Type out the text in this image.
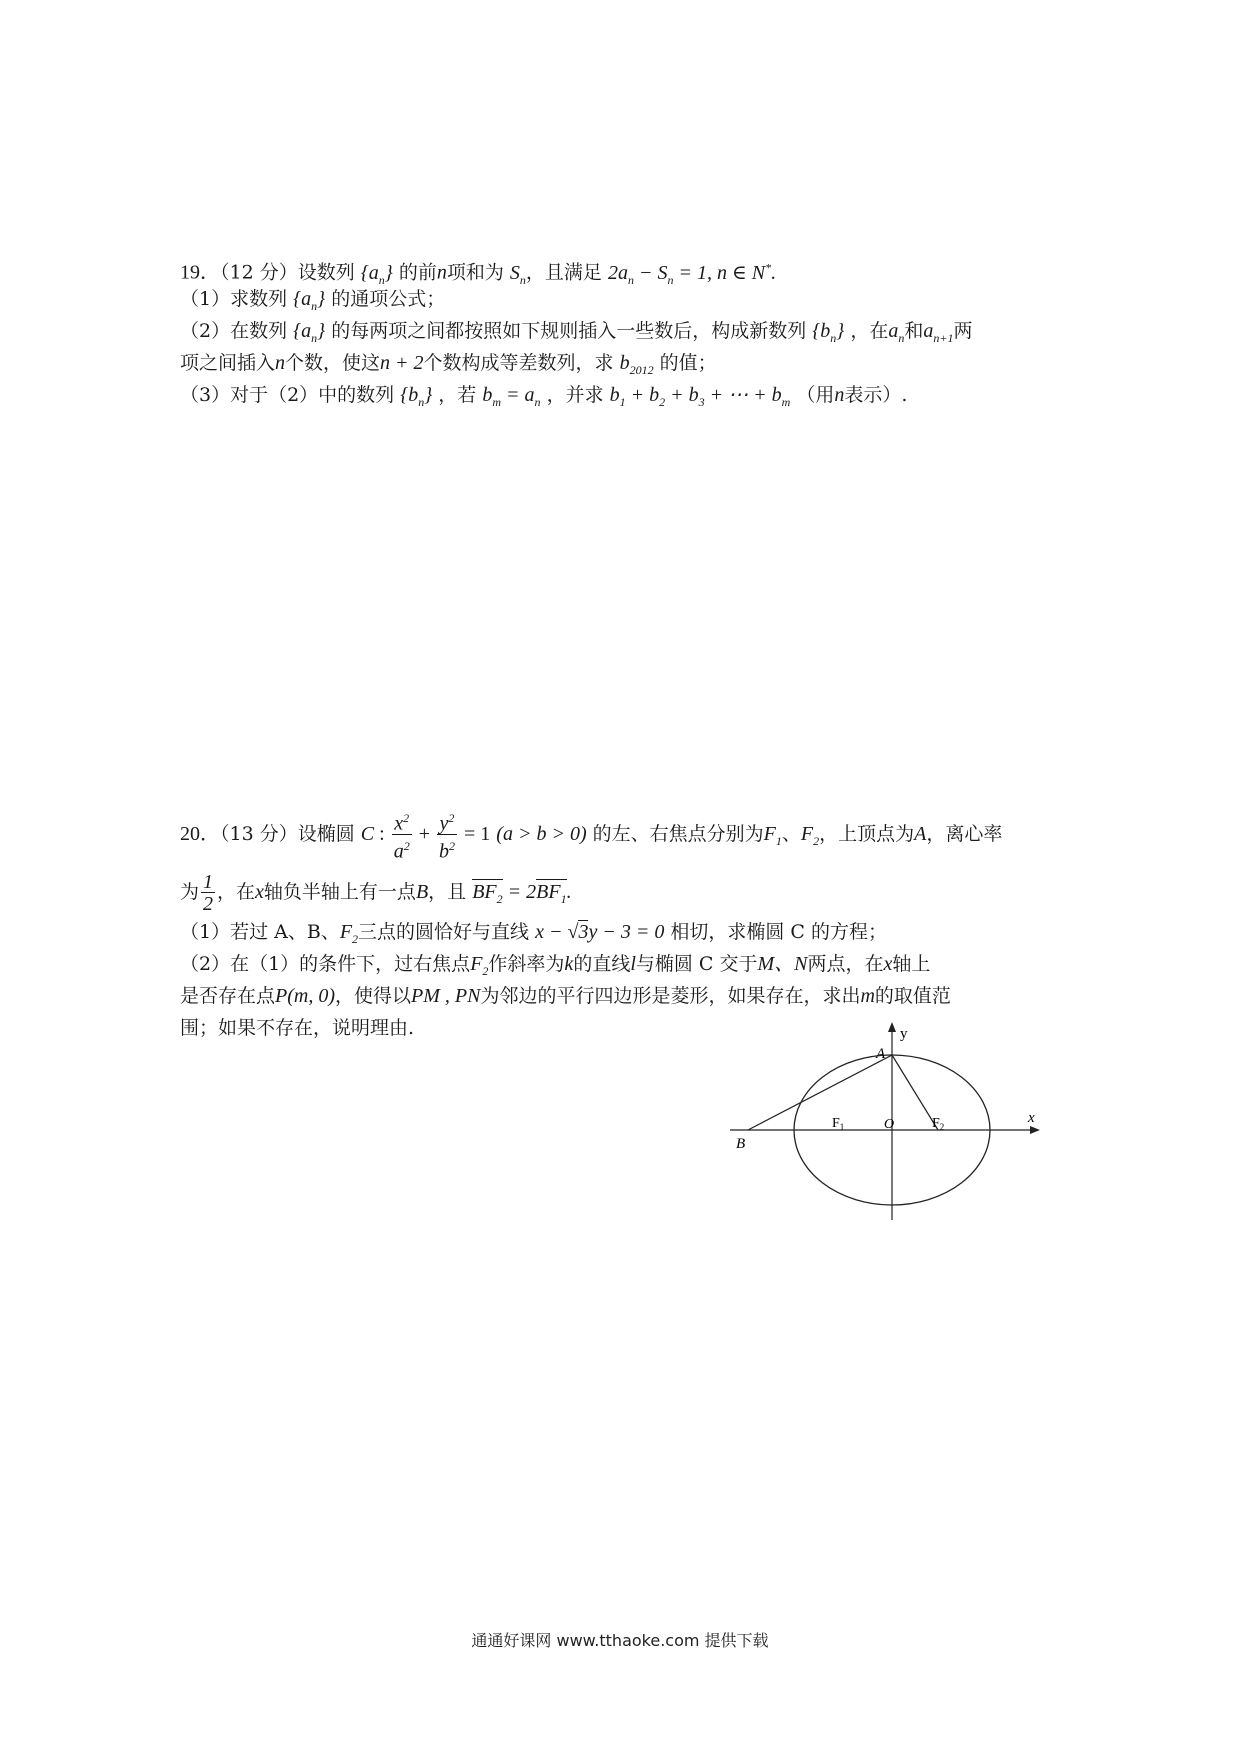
19．（12 分）设数列 $\{a_n\}$ 的前n项和为 $S_n$，且满足 $2a_n - S_n = 1$, n ∈ N*.
（1）求数列 $\{a_n\}$ 的通项公式；
（2）在数列 $\{a_n\}$ 的每两项之间都按照如下规则插入一些数后，构成新数列 $\{b_n\}$ ，在$a_n$和$a_{n+1}$两
项之间插入n个数，使这n + 2个数构成等差数列，求 $b_{2012}$ 的值；
（3）对于（2）中的数列 $\{b_n\}$ ，若 $b_m = a_n$ ，并求 $b_1 + b_2 + b_3$ + ⋯ + $b_m$ （用n表示）.
20．（13 分）设椭圆 C : $\frac{x^2}{a^2} + \frac{y^2}{b^2} = 1$ (a > b > 0) 的左、右焦点分别为$F_1$、$F_2$，上顶点为A，离心率
为 $\frac{1}{2}$ ，在x轴负半轴上有一点B，且 $BF_2 = 2BF_1$.
（1）若过 A、B、$F_2$三点的圆恰好与直线 x − √3y − 3 = 0 相切，求椭圆 C 的方程；
（2）在（1）的条件下，过右焦点$F_2$作斜率为k的直线l与椭圆 C 交于M、N两点，在x轴上
是否存在点P(m, 0)，使得以PM , PN为邻边的平行四边形是菱形，如果存在，求出m的取值范
围；如果不存在，说明理由.	y
A
x
B
O
$F_1$	$F_2$
通通好课网 www.tthaoke.com 提供下载
